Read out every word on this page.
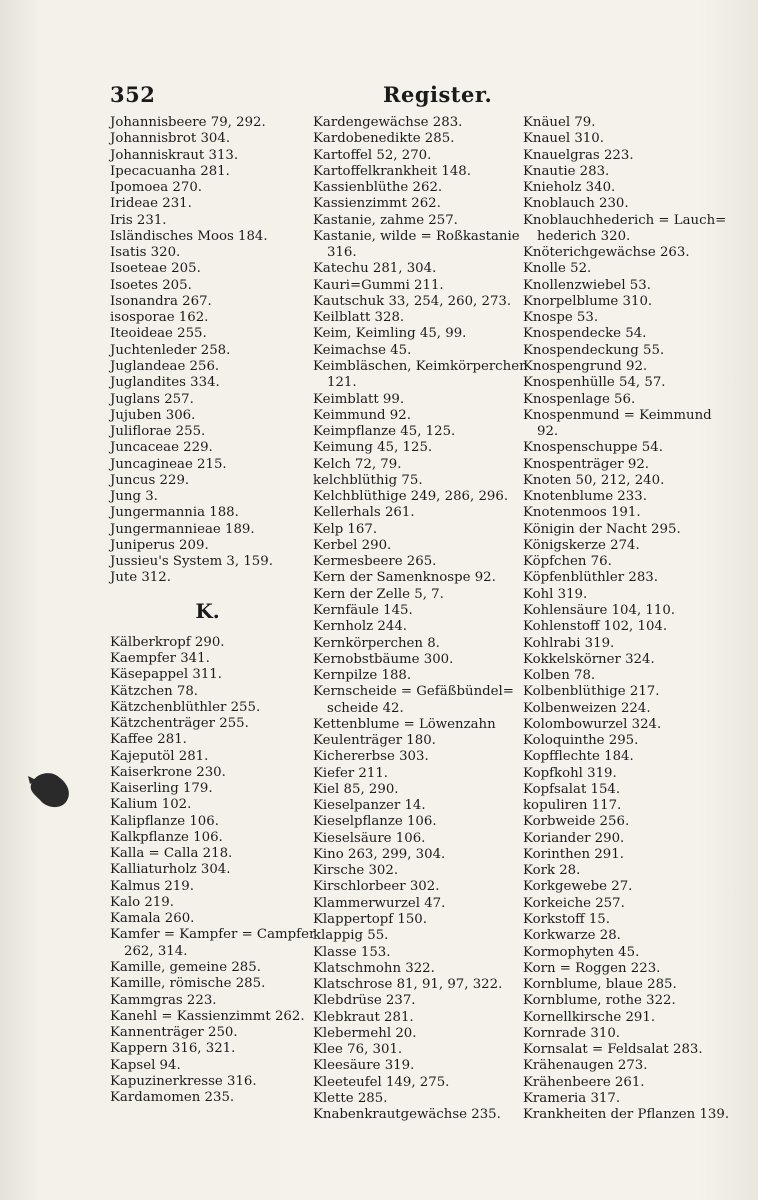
352	Register.
Johannisbeere 79, 292.
Johannisbrot 304.
Johanniskraut 313.
Ipecacuanha 281.
Ipomoea 270.
Irideae 231.
Iris 231.
Isländisches Moos 184.
Isatis 320.
Isoeteae 205.
Isoetes 205.
Isonandra 267.
isosporae 162.
Iteoideae 255.
Juchtenleder 258.
Juglandeae 256.
Juglandites 334.
Juglans 257.
Jujuben 306.
Juliflorae 255.
Juncaceae 229.
Juncagineae 215.
Juncus 229.
Jung 3.
Jungermannia 188.
Jungermannieae 189.
Juniperus 209.
Jussieu's System 3, 159.
Jute 312.
K.
Kälberkropf 290.
Kaempfer 341.
Käsepappel 311.
Kätzchen 78.
Kätzchenblüthler 255.
Kätzchenträger 255.
Kaffee 281.
Kajeputöl 281.
Kaiserkrone 230.
Kaiserling 179.
Kalium 102.
Kalipflanze 106.
Kalkpflanze 106.
Kalla = Calla 218.
Kalliaturholz 304.
Kalmus 219.
Kalo 219.
Kamala 260.
Kamfer = Kampfer = Campfer
262, 314.
Kamille, gemeine 285.
Kamille, römische 285.
Kammgras 223.
Kanehl = Kassienzimmt 262.
Kannenträger 250.
Kappern 316, 321.
Kapsel 94.
Kapuzinerkresse 316.
Kardamomen 235.
Kardengewächse 283.
Kardobenedikte 285.
Kartoffel 52, 270.
Kartoffelkrankheit 148.
Kassienblüthe 262.
Kassienzimmt 262.
Kastanie, zahme 257.
Kastanie, wilde = Roßkastanie
316.
Katechu 281, 304.
Kauri=Gummi 211.
Kautschuk 33, 254, 260, 273.
Keilblatt 328.
Keim, Keimling 45, 99.
Keimachse 45.
Keimbläschen, Keimkörperchen
121.
Keimblatt 99.
Keimmund 92.
Keimpflanze 45, 125.
Keimung 45, 125.
Kelch 72, 79.
kelchblüthig 75.
Kelchblüthige 249, 286, 296.
Kellerhals 261.
Kelp 167.
Kerbel 290.
Kermesbeere 265.
Kern der Samenknospe 92.
Kern der Zelle 5, 7.
Kernfäule 145.
Kernholz 244.
Kernkörperchen 8.
Kernobstbäume 300.
Kernpilze 188.
Kernscheide = Gefäßbündel=
scheide 42.
Kettenblume = Löwenzahn
Keulenträger 180.
Kichererbse 303.
Kiefer 211.
Kiel 85, 290.
Kieselpanzer 14.
Kieselpflanze 106.
Kieselsäure 106.
Kino 263, 299, 304.
Kirsche 302.
Kirschlorbeer 302.
Klammerwurzel 47.
Klappertopf 150.
klappig 55.
Klasse 153.
Klatschmohn 322.
Klatschrose 81, 91, 97, 322.
Klebdrüse 237.
Klebkraut 281.
Klebermehl 20.
Klee 76, 301.
Kleesäure 319.
Kleeteufel 149, 275.
Klette 285.
Knabenkrautgewächse 235.
Knäuel 79.
Knauel 310.
Knauelgras 223.
Knautie 283.
Knieholz 340.
Knoblauch 230.
Knoblauchhederich = Lauch=
hederich 320.
Knöterichgewächse 263.
Knolle 52.
Knollenzwiebel 53.
Knorpelblume 310.
Knospe 53.
Knospendecke 54.
Knospendeckung 55.
Knospengrund 92.
Knospenhülle 54, 57.
Knospenlage 56.
Knospenmund = Keimmund
92.
Knospenschuppe 54.
Knospenträger 92.
Knoten 50, 212, 240.
Knotenblume 233.
Knotenmoos 191.
Königin der Nacht 295.
Königskerze 274.
Köpfchen 76.
Köpfenblüthler 283.
Kohl 319.
Kohlensäure 104, 110.
Kohlenstoff 102, 104.
Kohlrabi 319.
Kokkelskörner 324.
Kolben 78.
Kolbenblüthige 217.
Kolbenweizen 224.
Kolombowurzel 324.
Koloquinthe 295.
Kopfflechte 184.
Kopfkohl 319.
Kopfsalat 154.
kopuliren 117.
Korbweide 256.
Koriander 290.
Korinthen 291.
Kork 28.
Korkgewebe 27.
Korkeiche 257.
Korkstoff 15.
Korkwarze 28.
Kormophyten 45.
Korn = Roggen 223.
Kornblume, blaue 285.
Kornblume, rothe 322.
Kornellkirsche 291.
Kornrade 310.
Kornsalat = Feldsalat 283.
Krähenaugen 273.
Krähenbeere 261.
Krameria 317.
Krankheiten der Pflanzen 139.
